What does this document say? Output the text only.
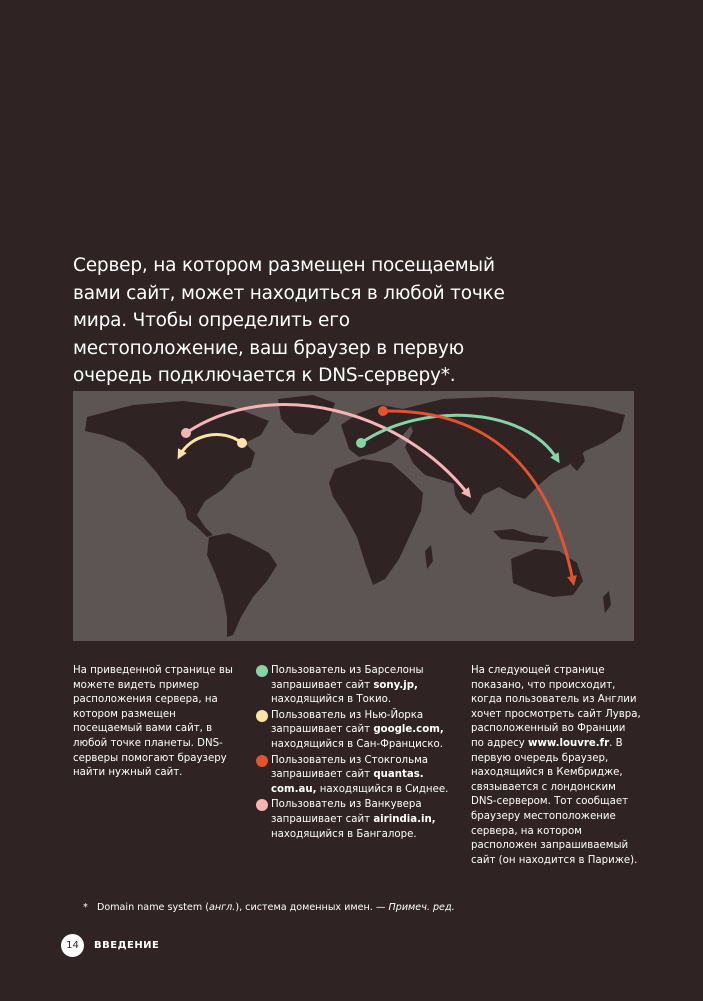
Сервер, на котором размещен посещаемый вами сайт, может находиться в любой точке мира. Чтобы определить его местоположение, ваш браузер в первую очередь подключается к DNS-серверу*.

На приведенной странице вы можете видеть пример расположения сервера, на котором размещен посещаемый вами сайт, в любой точке планеты. DNS-серверы помогают браузеру найти нужный сайт.
Пользователь из Барселоны запрашивает сайт sony.jp, находящийся в Токио.
Пользователь из Нью-Йорка запрашивает сайт google.com, находящийся в Сан-Франциско.
Пользователь из Стокгольма запрашивает сайт quantas. com.au, находящийся в Сиднее.
Пользователь из Ванкувера запрашивает сайт airindia.in, находящийся в Бангалоре.
На следующей странице показано, что происходит, когда пользователь из Англии хочет просмотреть сайт Лувра, расположенный во Франции по адресу www.louvre.fr. В первую очередь браузер, находящийся в Кембридже, связывается с лондонским DNS-сервером. Тот сообщает браузеру местоположение сервера, на котором расположен запрашиваемый сайт (он находится в Париже).
* Domain name system (англ.), система доменных имен. — Примеч. ред.
14	ВВЕДЕНИЕ
